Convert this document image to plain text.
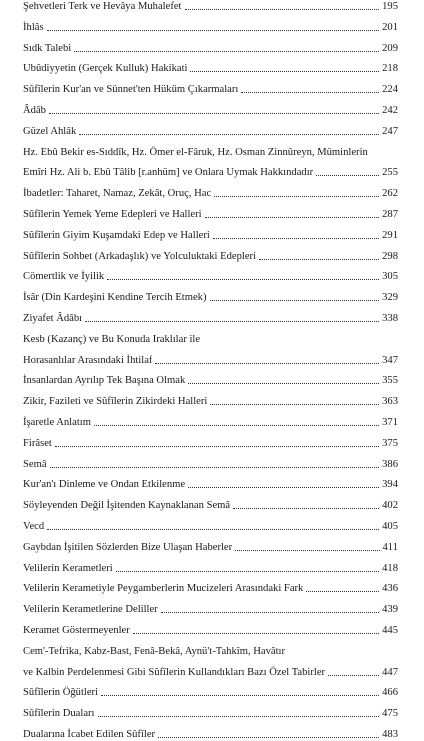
Şehvetleri Terk ve Hevâya Muhalefet	195
İhlâs	201
Sıdk Talebi	209
Ubûdiyyetin (Gerçek Kulluk) Hakikati	218
Sûfîlerin Kur'an ve Sünnet'ten Hüküm Çıkarmaları	224
Âdâb	242
Güzel Ahlâk	247
Hz. Ebû Bekir es-Sıddîk, Hz. Ömer el-Fâruk, Hz. Osman Zinnûreyn, Müminlerin
Emîri Hz. Ali b. Ebû Tâlib [r.anhüm] ve Onlara Uymak Hakkındadır	255
İbadetler: Taharet, Namaz, Zekât, Oruç, Hac	262
Sûfîlerin Yemek Yeme Edepleri ve Halleri	287
Sûfîlerin Giyim Kuşamdaki Edep ve Halleri	291
Sûfîlerin Sohbet (Arkadaşlık) ve Yolculuktaki Edepleri	298
Cömertlik ve İyilik	305
İsâr (Din Kardeşini Kendine Tercih Etmek)	329
Ziyafet Âdâbı	338
Kesb (Kazanç) ve Bu Konuda Iraklılar ile
Horasanlılar Arasındaki İhtilaf	347
İnsanlardan Ayrılıp Tek Başına Olmak	355
Zikir, Fazileti ve Sûfîlerin Zikirdeki Halleri	363
İşaretle Anlatım	371
Firâset	375
Semâ	386
Kur'an'ı Dinleme ve Ondan Etkilenme	394
Söyleyenden Değil İşitenden Kaynaklanan Semâ	402
Vecd	405
Gaybdan İşitilen Sözlerden Bize Ulaşan Haberler	411
Velilerin Kerametleri	418
Velilerin Kerametiyle Peygamberlerin Mucizeleri Arasındaki Fark	436
Velilerin Kerametlerine Deliller	439
Keramet Göstermeyenler	445
Cem'-Tefrika, Kabz-Bast, Fenâ-Bekâ, Aynü't-Tahkîm, Havâtır
ve Kalbin Perdelenmesi Gibi Sûfîlerin Kullandıkları Bazı Özel Tabirler	447
Sûfîlerin Öğütleri	466
Sûfîlerin Duaları	475
Dualarına İcabet Edilen Sûfîler	483
